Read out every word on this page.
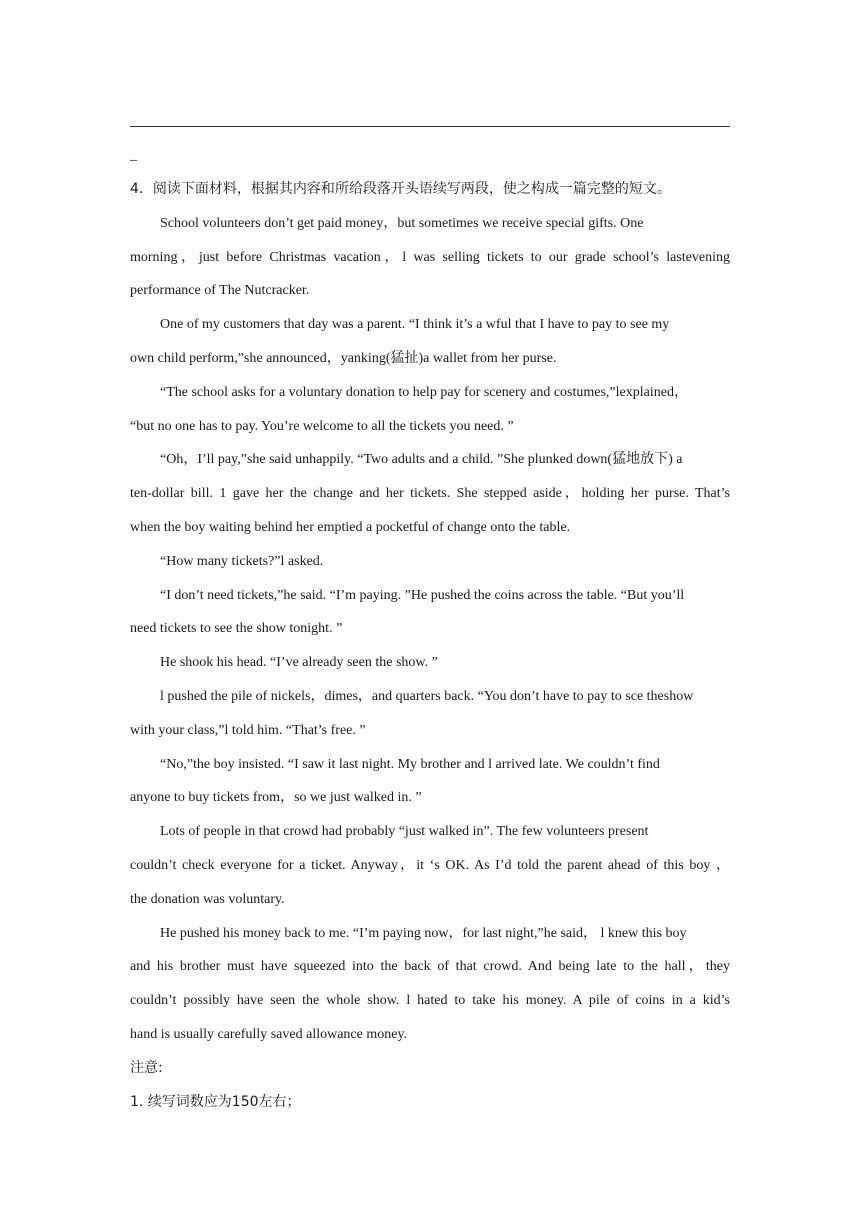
_
4．阅读下面材料，根据其内容和所给段落开头语续写两段，使之构成一篇完整的短文。
School volunteers don’t get paid money，but sometimes we receive special gifts. One
morning，just before Christmas vacation，l was selling tickets to our grade school’s lastevening
performance of The Nutcracker.
One of my customers that day was a parent. “I think it’s a wful that I have to pay to see my
own child perform,”she announced，yanking(猛扯)a wallet from her purse.
“The school asks for a voluntary donation to help pay for scenery and costumes,”lexplained，
“but no one has to pay. You’re welcome to all the tickets you need. ”
“Oh，I’ll pay,”she said unhappily. “Two adults and a child. ”She plunked down(猛地放下) a
ten-dollar bill. 1 gave her the change and her tickets. She stepped aside，holding her purse. That’s
when the boy waiting behind her emptied a pocketful of change onto the table.
“How many tickets?”l asked.
“I don’t need tickets,”he said. “I’m paying. ”He pushed the coins across the table. “But you’ll
need tickets to see the show tonight. ”
He shook his head. “I’ve already seen the show. ”
l pushed the pile of nickels，dimes，and quarters back. “You don’t have to pay to sce theshow
with your class,”l told him. “That’s free. ”
“No,”the boy insisted. “I saw it last night. My brother and l arrived late. We couldn’t find
anyone to buy tickets from，so we just walked in. ”
Lots of people in that crowd had probably “just walked in”. The few volunteers present
couldn’t check everyone for a ticket. Anyway，it ‘s OK. As I’d told the parent ahead of this boy ，
the donation was voluntary.
He pushed his money back to me. “I’m paying now，for last night,”he said， l knew this boy
and his brother must have squeezed into the back of that crowd. And being late to the hall，they
couldn’t possibly have seen the whole show. l hated to take his money. A pile of coins in a kid’s
hand is usually carefully saved allowance money.
注意:
1. 续写词数应为150左右；
